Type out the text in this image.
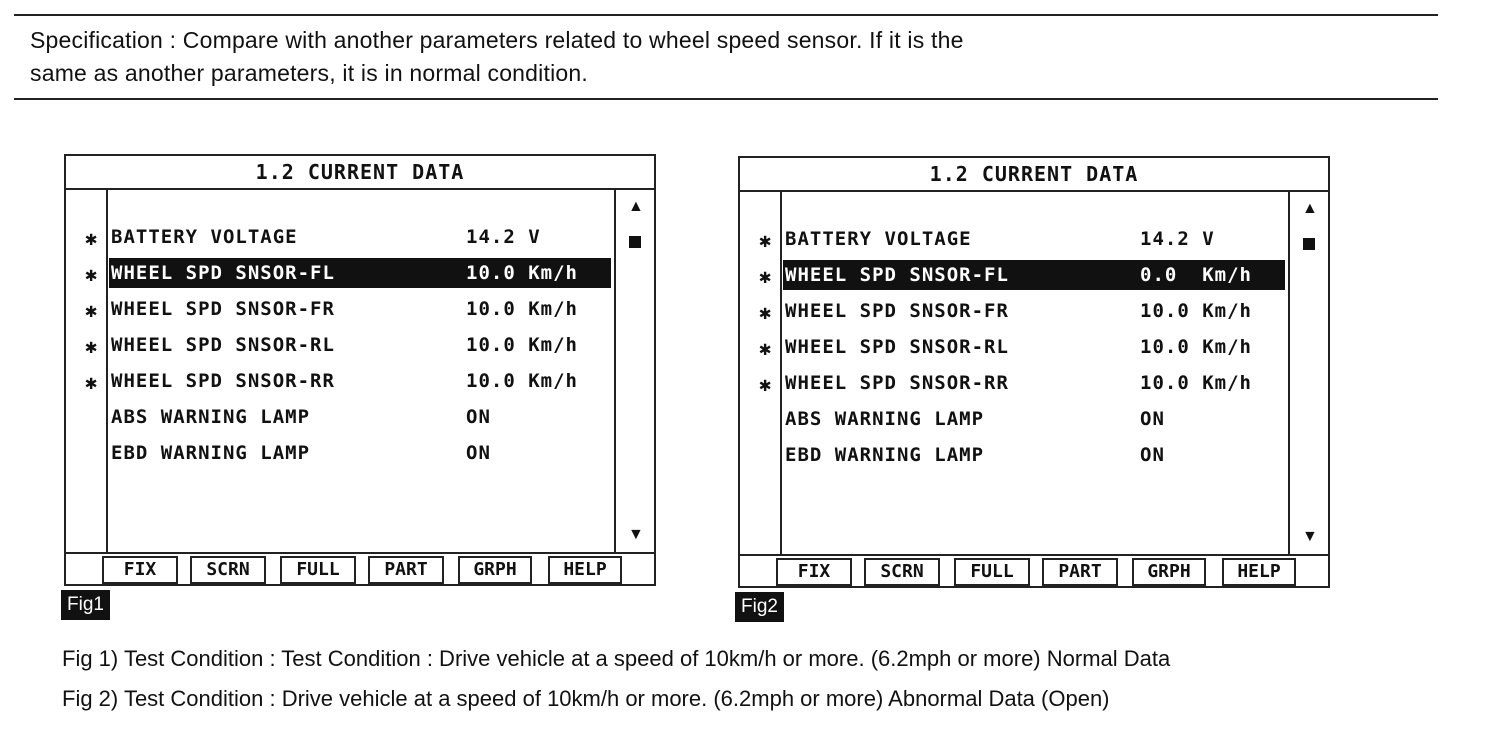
Specification : Compare with another parameters related to wheel speed sensor. If it is the
same as another parameters, it is in normal condition.
1.2 CURRENT DATA
▲
▼
✱ BATTERY VOLTAGE	14.2 V
✱ WHEEL SPD SNSOR-FL	10.0 Km/h
✱ WHEEL SPD SNSOR-FR	10.0 Km/h
✱ WHEEL SPD SNSOR-RL	10.0 Km/h
✱ WHEEL SPD SNSOR-RR	10.0 Km/h
ABS WARNING LAMP	ON
EBD WARNING LAMP	ON
FIX	SCRN	FULL	PART	GRPH	HELP
Fig1
1.2 CURRENT DATA
▲
▼
✱ BATTERY VOLTAGE	14.2 V
✱ WHEEL SPD SNSOR-FL	0.0  Km/h
✱ WHEEL SPD SNSOR-FR	10.0 Km/h
✱ WHEEL SPD SNSOR-RL	10.0 Km/h
✱ WHEEL SPD SNSOR-RR	10.0 Km/h
ABS WARNING LAMP	ON
EBD WARNING LAMP	ON
FIX	SCRN	FULL	PART	GRPH	HELP
Fig2
Fig 1) Test Condition : Test Condition : Drive vehicle at a speed of 10km/h or more. (6.2mph or more) Normal Data
Fig 2) Test Condition : Drive vehicle at a speed of 10km/h or more. (6.2mph or more) Abnormal Data (Open)
